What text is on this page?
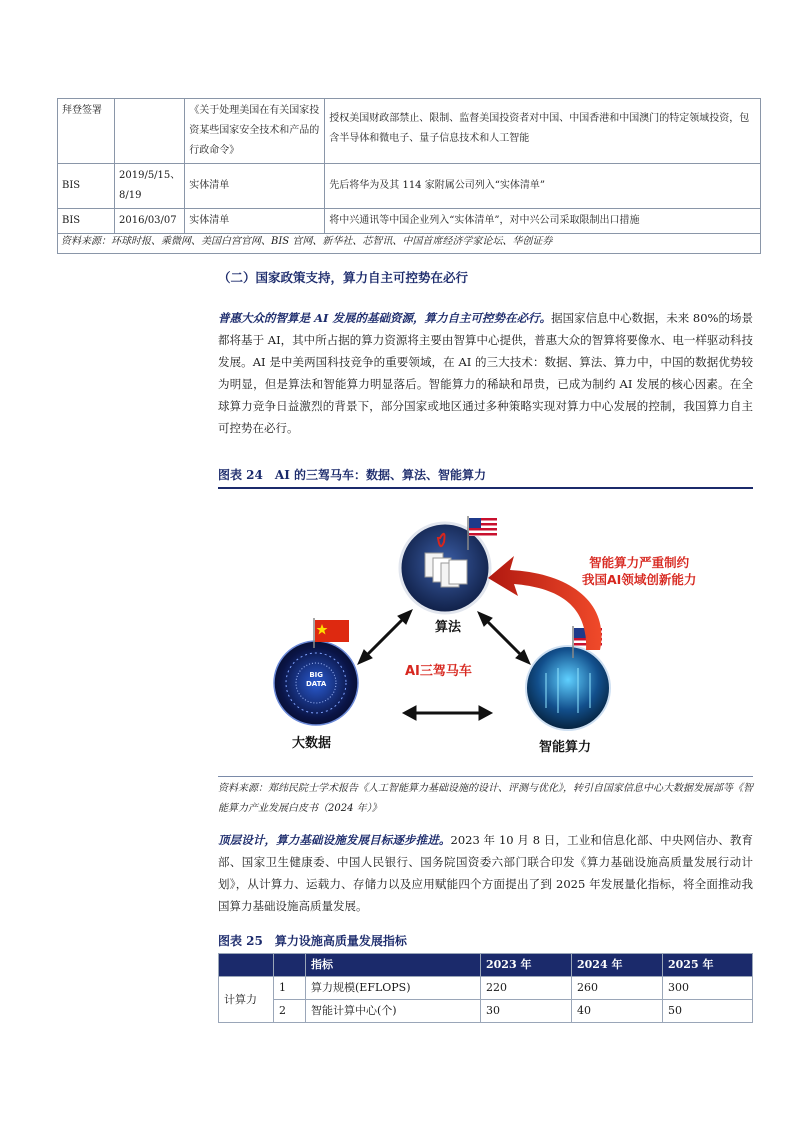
拜登签署		《关于处理美国在有关国家投资某些国家安全技术和产品的行政命令》	授权美国财政部禁止、限制、监督美国投资者对中国、中国香港和中国澳门的特定领域投资，包含半导体和微电子、量子信息技术和人工智能
BIS	2019/5/15、8/19	实体清单	先后将华为及其 114 家附属公司列入“实体清单”
BIS	2016/03/07	实体清单	将中兴通讯等中国企业列入“实体清单”，对中兴公司采取限制出口措施
资料来源：环球时报、乘微网、美国白宫官网、BIS 官网、新华社、芯智讯、中国首席经济学家论坛、华创证券
（二）国家政策支持，算力自主可控势在必行

普惠大众的智算是 AI 发展的基础资源，算力自主可控势在必行。据国家信息中心数据，未来 80%的场景都将基于 AI，其中所占据的算力资源将主要由智算中心提供，普惠大众的智算将要像水、电一样驱动科技发展。AI 是中美两国科技竞争的重要领域，在 AI 的三大技术：数据、算法、算力中，中国的数据优势较为明显，但是算法和智能算力明显落后。智能算力的稀缺和昂贵，已成为制约 AI 发展的核心因素。在全球算力竞争日益激烈的背景下，部分国家或地区通过多种策略实现对算力中心发展的控制，我国算力自主可控势在必行。

图表 24　AI 的三驾马车：数据、算法、智能算力
算法
大数据	智能算力
AI三驾马车
智能算力严重制约
我国AI领域创新能力
BIG
DATA

资料来源：郑纬民院士学术报告《人工智能算力基础设施的设计、评测与优化》，转引自国家信息中心大数据发展部等《智能算力产业发展白皮书（2024 年）》

顶层设计，算力基础设施发展目标逐步推进。2023 年 10 月 8 日，工业和信息化部、中央网信办、教育部、国家卫生健康委、中国人民银行、国务院国资委六部门联合印发《算力基础设施高质量发展行动计划》，从计算力、运载力、存储力以及应用赋能四个方面提出了到 2025 年发展量化指标，将全面推动我国算力基础设施高质量发展。

图表 25　算力设施高质量发展指标
		指标	2023 年	2024 年	2025 年
计算力	1	算力规模(EFLOPS)	220	260	300
	2	智能计算中心(个)	30	40	50
